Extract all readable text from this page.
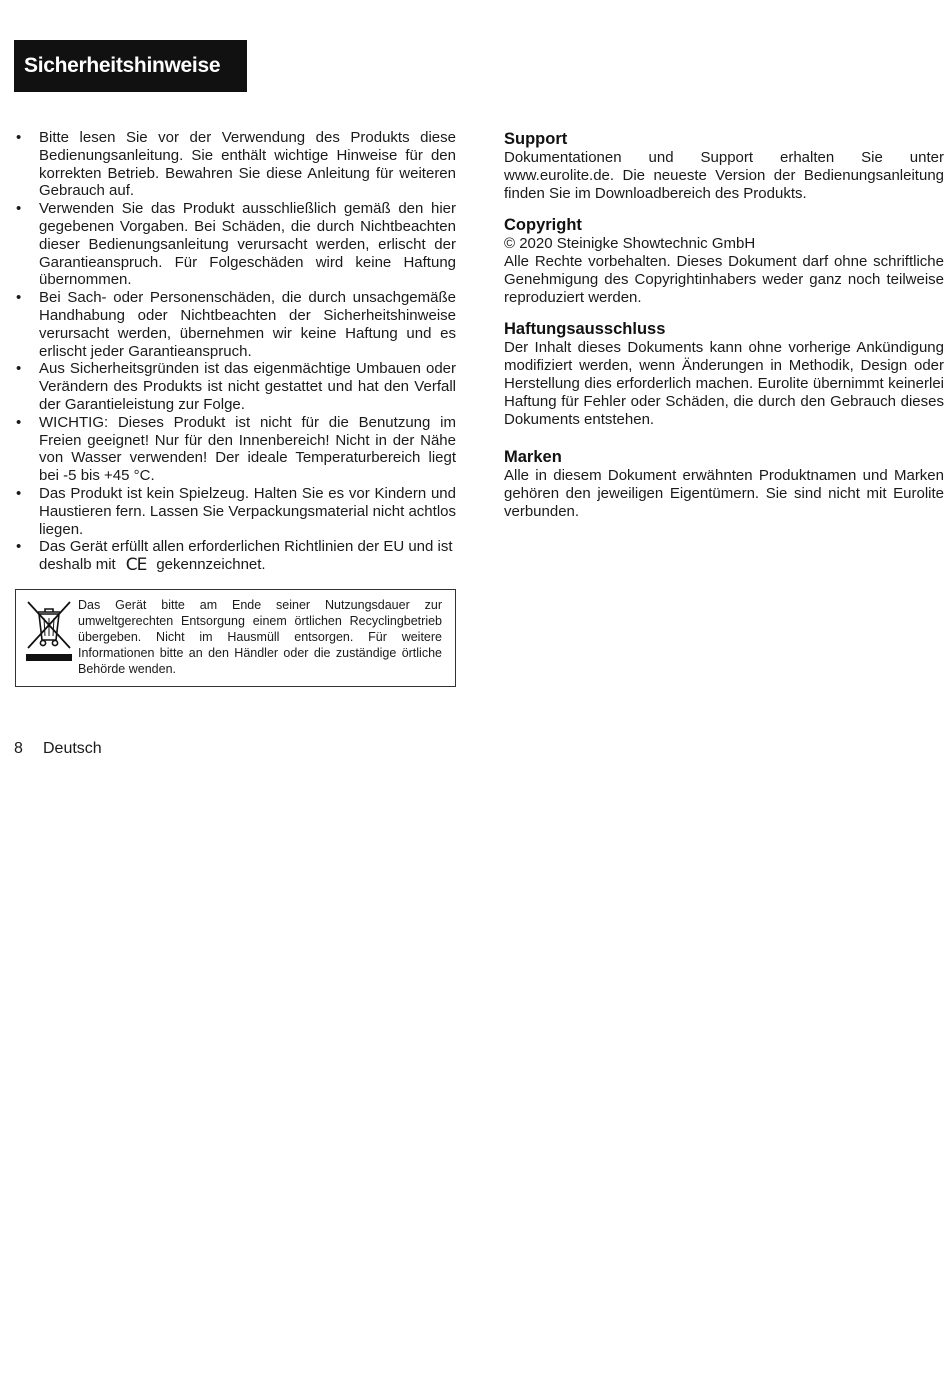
Sicherheitshinweise
• Bitte lesen Sie vor der Verwendung des Produkts diese Bedienungsanleitung. Sie enthält wichtige Hinweise für den korrekten Betrieb. Bewahren Sie diese Anleitung für weiteren Gebrauch auf.
• Verwenden Sie das Produkt ausschließlich gemäß den hier gegebenen Vorgaben. Bei Schäden, die durch Nichtbeachten dieser Bedienungsanleitung verursacht werden, erlischt der Garantieanspruch. Für Folgeschäden wird keine Haftung übernommen.
• Bei Sach- oder Personenschäden, die durch unsachgemäße Handhabung oder Nichtbeachten der Sicherheitshinweise verursacht werden, übernehmen wir keine Haftung und es erlischt jeder Garantieanspruch.
• Aus Sicherheitsgründen ist das eigenmächtige Umbauen oder Verändern des Produkts ist nicht gestattet und hat den Verfall der Garantieleistung zur Folge.
• WICHTIG: Dieses Produkt ist nicht für die Benutzung im Freien geeignet! Nur für den Innenbereich! Nicht in der Nähe von Wasser verwenden! Der ideale Temperaturbereich liegt bei -5 bis +45 °C.
• Das Produkt ist kein Spielzeug. Halten Sie es vor Kindern und Haustieren fern. Lassen Sie Verpackungsmaterial nicht achtlos liegen.
• Das Gerät erfüllt allen erforderlichen Richtlinien der EU und ist deshalb mit CE gekennzeichnet.
Das Gerät bitte am Ende seiner Nutzungsdauer zur umweltgerechten Entsorgung einem örtlichen Recyclingbetrieb übergeben. Nicht im Hausmüll entsorgen. Für weitere Informationen bitte an den Händler oder die zuständige örtliche Behörde wenden.
Support

Dokumentationen und Support erhalten Sie unter www.eurolite.de. Die neueste Version der Bedienungsanleitung finden Sie im Downloadbereich des Produkts.

Copyright

© 2020 Steinigke Showtechnic GmbH

Alle Rechte vorbehalten. Dieses Dokument darf ohne schriftliche Genehmigung des Copyrightinhabers weder ganz noch teilweise reproduziert werden.

Haftungsausschluss

Der Inhalt dieses Dokuments kann ohne vorherige Ankündigung modifiziert werden, wenn Änderungen in Methodik, Design oder Herstellung dies erforderlich machen. Eurolite übernimmt keinerlei Haftung für Fehler oder Schäden, die durch den Gebrauch dieses Dokuments entstehen.

Marken

Alle in diesem Dokument erwähnten Produktnamen und Marken gehören den jeweiligen Eigentümern. Sie sind nicht mit Eurolite verbunden.

8 Deutsch
